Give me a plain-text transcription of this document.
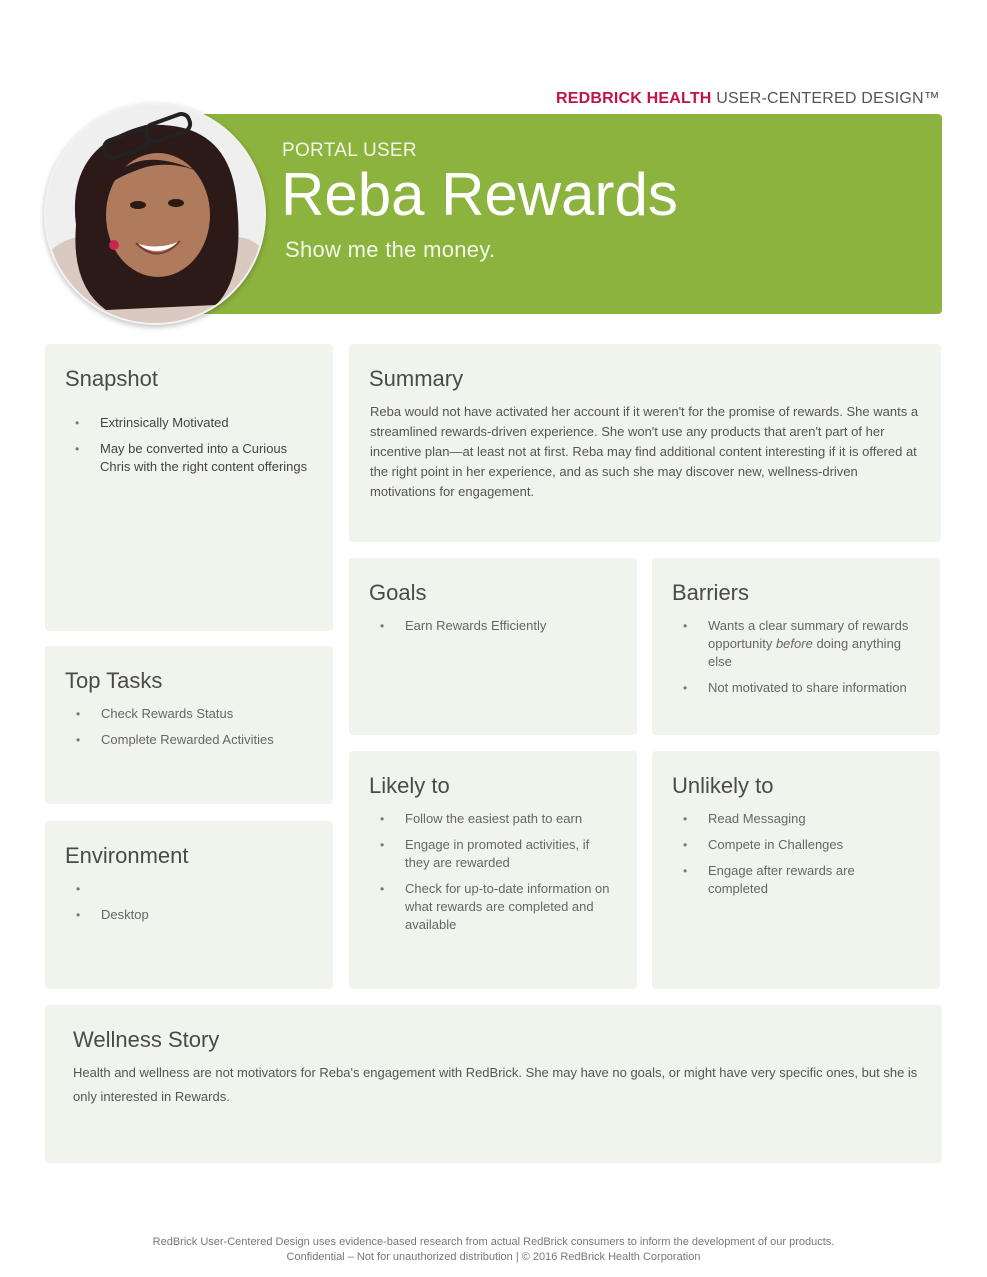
REDBRICK HEALTH USER-CENTERED DESIGN™
PORTAL USER
Reba Rewards
Show me the money.
Snapshot
• Extrinsically Motivated
• May be converted into a Curious Chris with the right content offerings
Summary

Reba would not have activated her account if it weren't for the promise of rewards. She wants a streamlined rewards-driven experience. She won't use any products that aren't part of her incentive plan—at least not at first. Reba may find additional content interesting if it is offered at the right point in her experience, and as such she may discover new, wellness-driven motivations for engagement.

Goals
• Earn Rewards Efficiently
Barriers
• Wants a clear summary of rewards opportunity before doing anything else
• Not motivated to share information
Top Tasks
• Check Rewards Status
• Complete Rewarded Activities
Likely to
• Follow the easiest path to earn
• Engage in promoted activities, if they are rewarded
• Check for up-to-date information on what rewards are completed and available
Unlikely to
• Read Messaging
• Compete in Challenges
• Engage after rewards are completed
Environment
•

• Desktop
Wellness Story

Health and wellness are not motivators for Reba's engagement with RedBrick. She may have no goals, or might have very specific ones, but she is only interested in Rewards.

RedBrick User-Centered Design uses evidence-based research from actual RedBrick consumers to inform the development of our products.
Confidential – Not for unauthorized distribution | © 2016 RedBrick Health Corporation
